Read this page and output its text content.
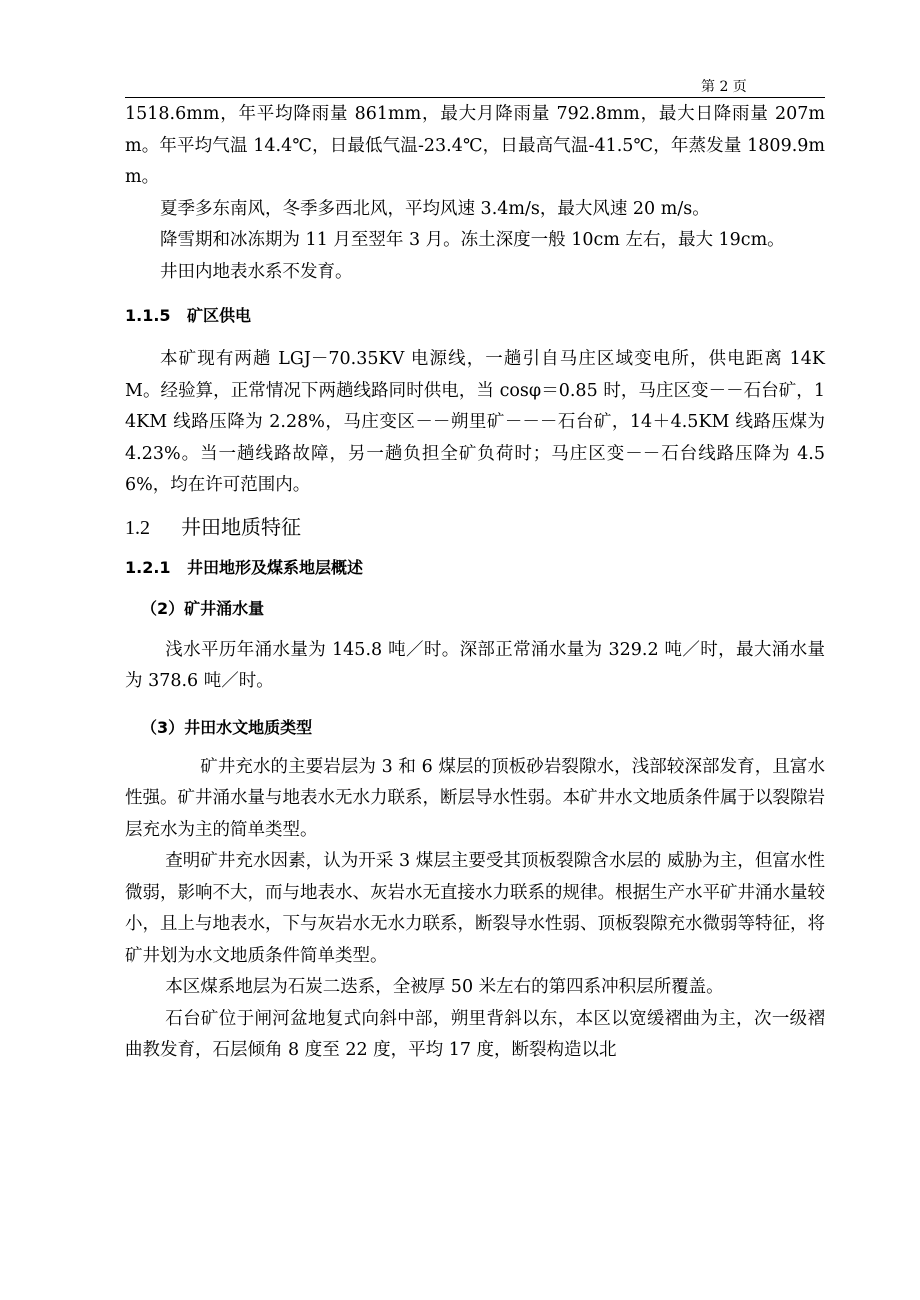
第 2 页

1518.6mm，年平均降雨量 861mm，最大月降雨量 792.8mm，最大日降雨量 207mm。年平均气温 14.4℃，日最低气温-23.4℃，日最高气温-41.5℃，年蒸发量 1809.9mm。

夏季多东南风，冬季多西北风，平均风速 3.4m/s，最大风速 20 m/s。

降雪期和冰冻期为 11 月至翌年 3 月。冻土深度一般 10cm 左右，最大 19cm。

井田内地表水系不发育。

1.1.5 矿区供电

本矿现有两趟 LGJ－70.35KV 电源线，一趟引自马庄区域变电所，供电距离 14KM。经验算，正常情况下两趟线路同时供电，当 cosφ＝0.85 时，马庄区变－－石台矿，14KM 线路压降为 2.28%，马庄变区－－朔里矿－－－石台矿，14＋4.5KM 线路压煤为 4.23%。当一趟线路故障，另一趟负担全矿负荷时；马庄区变－－石台线路压降为 4.56%，均在许可范围内。

1.2 井田地质特征
1.2.1 井田地形及煤系地层概述
（2）矿井涌水量

浅水平历年涌水量为 145.8 吨／时。深部正常涌水量为 329.2 吨／时，最大涌水量为 378.6 吨／时。

（3）井田水文地质类型

矿井充水的主要岩层为 3 和 6 煤层的顶板砂岩裂隙水，浅部较深部发育，且富水性强。矿井涌水量与地表水无水力联系，断层导水性弱。本矿井水文地质条件属于以裂隙岩层充水为主的简单类型。

查明矿井充水因素，认为开采 3 煤层主要受其顶板裂隙含水层的 威胁为主，但富水性微弱，影响不大，而与地表水、灰岩水无直接水力联系的规律。根据生产水平矿井涌水量较小，且上与地表水，下与灰岩水无水力联系，断裂导水性弱、顶板裂隙充水微弱等特征，将矿井划为水文地质条件简单类型。

本区煤系地层为石炭二迭系，全被厚 50 米左右的第四系冲积层所覆盖。

石台矿位于闸河盆地复式向斜中部，朔里背斜以东，本区以宽缓褶曲为主，次一级褶曲教发育，石层倾角 8 度至 22 度，平均 17 度，断裂构造以北
